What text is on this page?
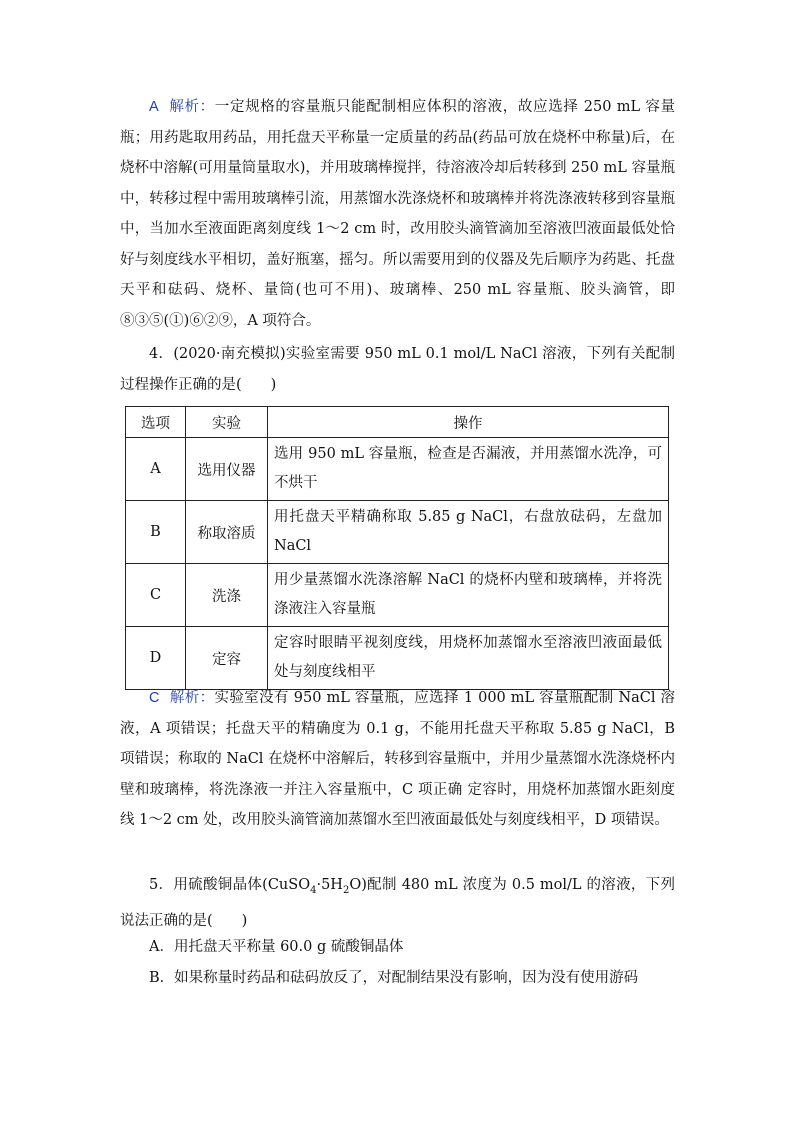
A 解析：一定规格的容量瓶只能配制相应体积的溶液，故应选择 250 mL 容量瓶；用药匙取用药品，用托盘天平称量一定质量的药品(药品可放在烧杯中称量)后，在烧杯中溶解(可用量筒量取水)，并用玻璃棒搅拌，待溶液冷却后转移到 250 mL 容量瓶中，转移过程中需用玻璃棒引流，用蒸馏水洗涤烧杯和玻璃棒并将洗涤液转移到容量瓶中，当加水至液面距离刻度线 1～2 cm 时，改用胶头滴管滴加至溶液凹液面最低处恰好与刻度线水平相切，盖好瓶塞，摇匀。所以需要用到的仪器及先后顺序为药匙、托盘天平和砝码、烧杯、量筒(也可不用)、玻璃棒、250 mL 容量瓶、胶头滴管，即⑧③⑤(①)⑥②⑨，A 项符合。
4．(2020·南充模拟)实验室需要 950 mL 0.1 mol/L NaCl 溶液，下列有关配制过程操作正确的是(　　)
选项	实验	操作
A	选用仪器	选用 950 mL 容量瓶，检查是否漏液，并用蒸馏水洗净，可不烘干
B	称取溶质	用托盘天平精确称取 5.85 g NaCl，右盘放砝码，左盘加NaCl
C	洗涤	用少量蒸馏水洗涤溶解 NaCl 的烧杯内壁和玻璃棒，并将洗涤液注入容量瓶
D	定容	定容时眼睛平视刻度线，用烧杯加蒸馏水至溶液凹液面最低处与刻度线相平
C 解析：实验室没有 950 mL 容量瓶，应选择 1 000 mL 容量瓶配制 NaCl 溶液，A 项错误；托盘天平的精确度为 0.1 g，不能用托盘天平称取 5.85 g NaCl，B 项错误；称取的 NaCl 在烧杯中溶解后，转移到容量瓶中，并用少量蒸馏水洗涤烧杯内壁和玻璃棒，将洗涤液一并注入容量瓶中，C 项正确 定容时，用烧杯加蒸馏水距刻度线 1～2 cm 处，改用胶头滴管滴加蒸馏水至凹液面最低处与刻度线相平，D 项错误。
5．用硫酸铜晶体$(CuSO_4\cdot 5H_2O)$配制 480 mL 浓度为 0.5 mol/L 的溶液，下列说法正确的是(　　)
A．用托盘天平称量 60.0 g 硫酸铜晶体
B．如果称量时药品和砝码放反了，对配制结果没有影响，因为没有使用游码
